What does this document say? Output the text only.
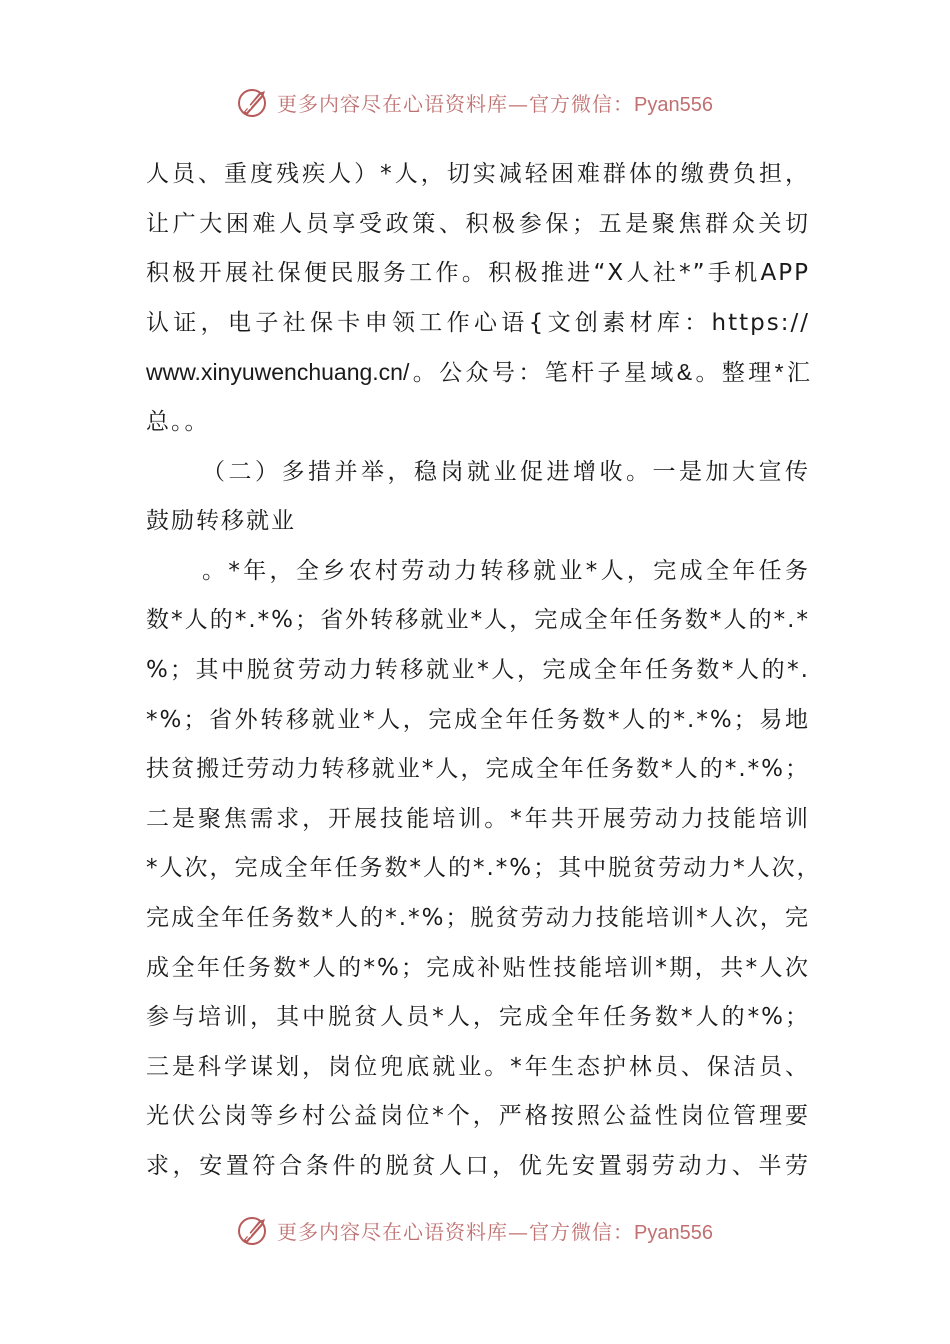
更多内容尽在心语资料库—官方微信：Pyan556
人员、重度残疾人）*人，切实减轻困难群体的缴费负担，
让广大困难人员享受政策、积极参保；五是聚焦群众关切
积极开展社保便民服务工作。积极推进“X人社*”手机APP
认证，电子社保卡申领工作心语{文创素材库：https://
www.xinyuwenchuang.cn/。公众号：笔杆子星域&。整理*汇
总。。
（二）多措并举，稳岗就业促进增收。一是加大宣传
鼓励转移就业
。*年，全乡农村劳动力转移就业*人，完成全年任务
数*人的*.*%；省外转移就业*人，完成全年任务数*人的*.*
%；其中脱贫劳动力转移就业*人，完成全年任务数*人的*.
*%；省外转移就业*人，完成全年任务数*人的*.*%；易地
扶贫搬迁劳动力转移就业*人，完成全年任务数*人的*.*%；
二是聚焦需求，开展技能培训。*年共开展劳动力技能培训
*人次，完成全年任务数*人的*.*%；其中脱贫劳动力*人次，
完成全年任务数*人的*.*%；脱贫劳动力技能培训*人次，完
成全年任务数*人的*%；完成补贴性技能培训*期，共*人次
参与培训，其中脱贫人员*人，完成全年任务数*人的*%；
三是科学谋划，岗位兜底就业。*年生态护林员、保洁员、
光伏公岗等乡村公益岗位*个，严格按照公益性岗位管理要
求，安置符合条件的脱贫人口，优先安置弱劳动力、半劳
更多内容尽在心语资料库—官方微信：Pyan556
